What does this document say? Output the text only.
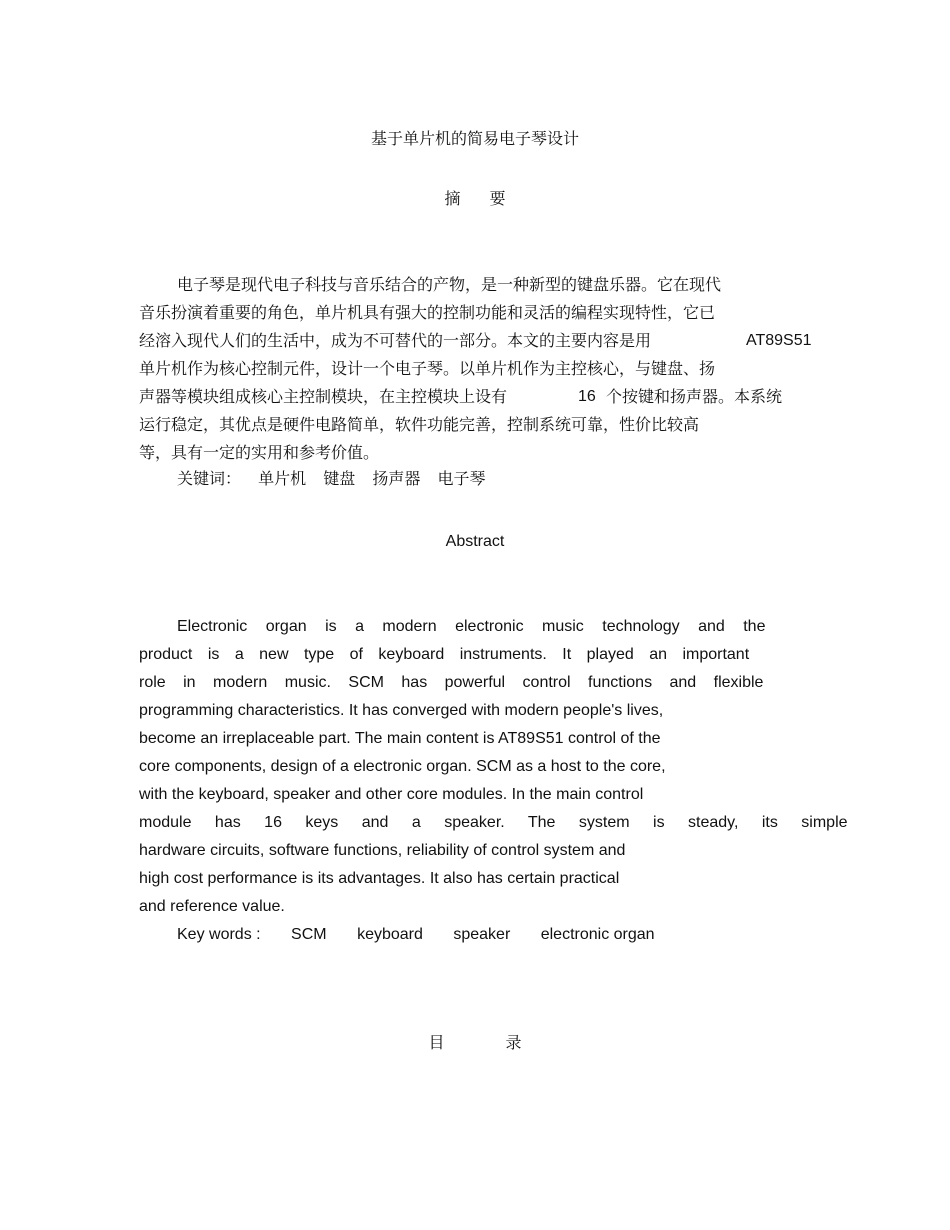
基于单片机的简易电子琴设计
摘 要
电子琴是现代电子科技与音乐结合的产物，是一种新型的键盘乐器。它在现代
音乐扮演着重要的角色，单片机具有强大的控制功能和灵活的编程实现特性，它已
经溶入现代人们的生活中，成为不可替代的一部分。本文的主要内容是用	AT89S51
单片机作为核心控制元件，设计一个电子琴。以单片机作为主控核心，与键盘、扬
声器等模块组成核心主控制模块，在主控模块上设有	16 个按键和扬声器。本系统
运行稳定，其优点是硬件电路简单，软件功能完善，控制系统可靠，性价比较高
等，具有一定的实用和参考价值。
关键词： 单片机 键盘 扬声器 电子琴
Abstract
Electronic organ is a modern electronic music technology and the
product is a new type of keyboard instruments. It played an important
role in modern music. SCM has powerful control functions and flexible
programming characteristics. It has converged with modern people's lives,
become an irreplaceable part. The main content is AT89S51 control of the
core components, design of a electronic organ. SCM as a host to the core,
with the keyboard, speaker and other core modules. In the main control
module has 16 keys and a speaker. The system is steady, its simple
hardware circuits, software functions, reliability of control system and
high cost performance is its advantages. It also has certain practical
and reference value.
Key words : SCM keyboard speaker electronic organ
目 录
